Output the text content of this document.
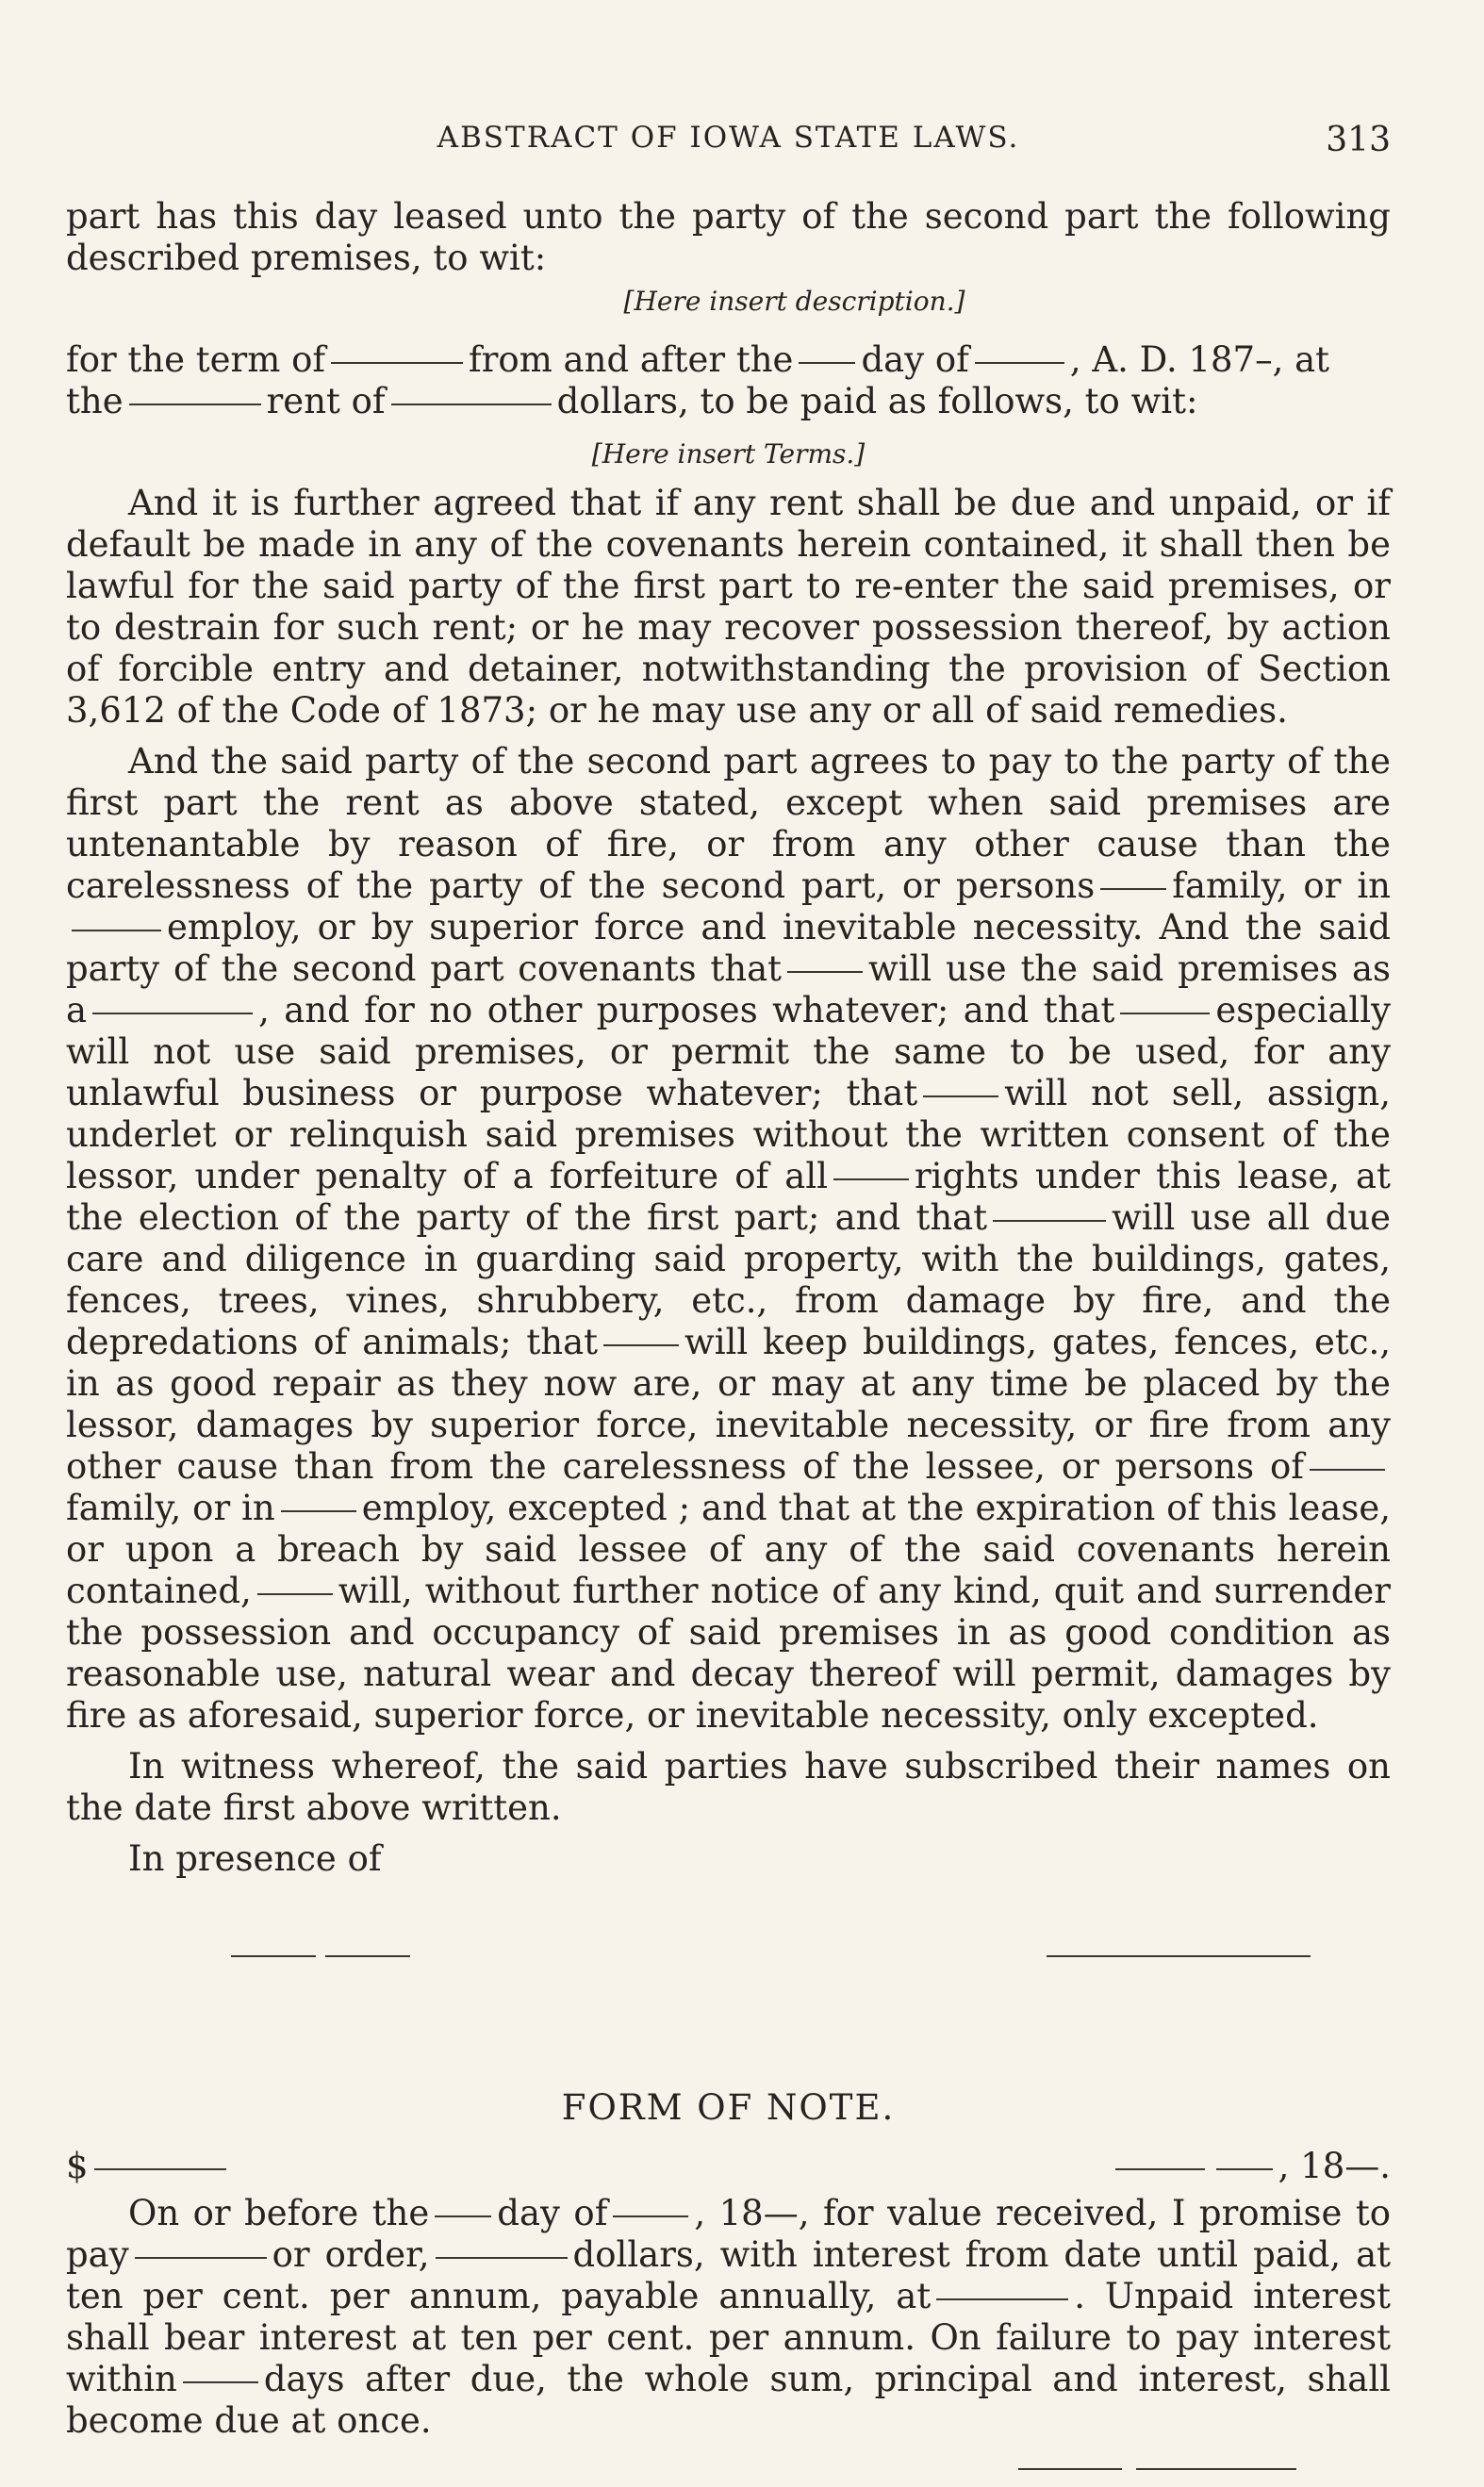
ABSTRACT OF IOWA STATE LAWS.	313

part has this day leased unto the party of the second part the following described premises, to wit:

[Here insert description.]

for the term of	from and after the day of	, A. D. 187–, at

the	rent of	dollars, to be paid as follows, to wit:

[Here insert Terms.]

And it is further agreed that if any rent shall be due and unpaid, or if default be made in any of the covenants herein contained, it shall then be lawful for the said party of the first part to re-enter the said premises, or to destrain for such rent; or he may recover possession thereof, by action of forcible entry and detainer, notwithstanding the provision of Section 3,612 of the Code of 1873; or he may use any or all of said remedies.

And the said party of the second part agrees to pay to the party of the first part the rent as above stated, except when said premises are untenantable by reason of fire, or from any other cause than the carelessness of the party of the second part, or persons family, or inemploy, or by superior force and inevitable necessity. And the said party of the second part covenants that will use the said premises as a	, and for no other purposes whatever; and that	especially will not use said premises, or permit the same to be used, for any unlawful business or purpose whatever; that will not sell, assign, underlet or relinquish said premises without the written consent of the lessor, under penalty of a forfeiture of all rights under this lease, at the election of the party of the first part; and that	will use all due care and diligence in guarding said property, with the buildings, gates, fences, trees, vines, shrubbery, etc., from damage by fire, and the depredations of animals; that will keep buildings, gates, fences, etc., in as good repair as they now are, or may at any time be placed by the lessor, damages by superior force, inevitable necessity, or fire from any other cause than from the carelessness of the lessee, or persons offamily, or in employ, excepted ; and that at the expiration of this lease, or upon a breach by said lessee of any of the said covenants herein contained, will, without further notice of any kind, quit and surrender the possession and occupancy of said premises in as good condition as reasonable use, natural wear and decay thereof will permit, damages by fire as aforesaid, superior force, or inevitable necessity, only excepted.

In witness whereof, the said parties have subscribed their names on the date first above written.

In presence of

FORM OF NOTE.
$	, 18—.

On or before the day of , 18—, for value received, I promise to pay	or order,	dollars, with interest from date until paid, at ten per cent. per annum, payable annually, at	. Unpaid interest shall bear interest at ten per cent. per annum. On failure to pay interest within days after due, the whole sum, principal and interest, shall become due at once.
